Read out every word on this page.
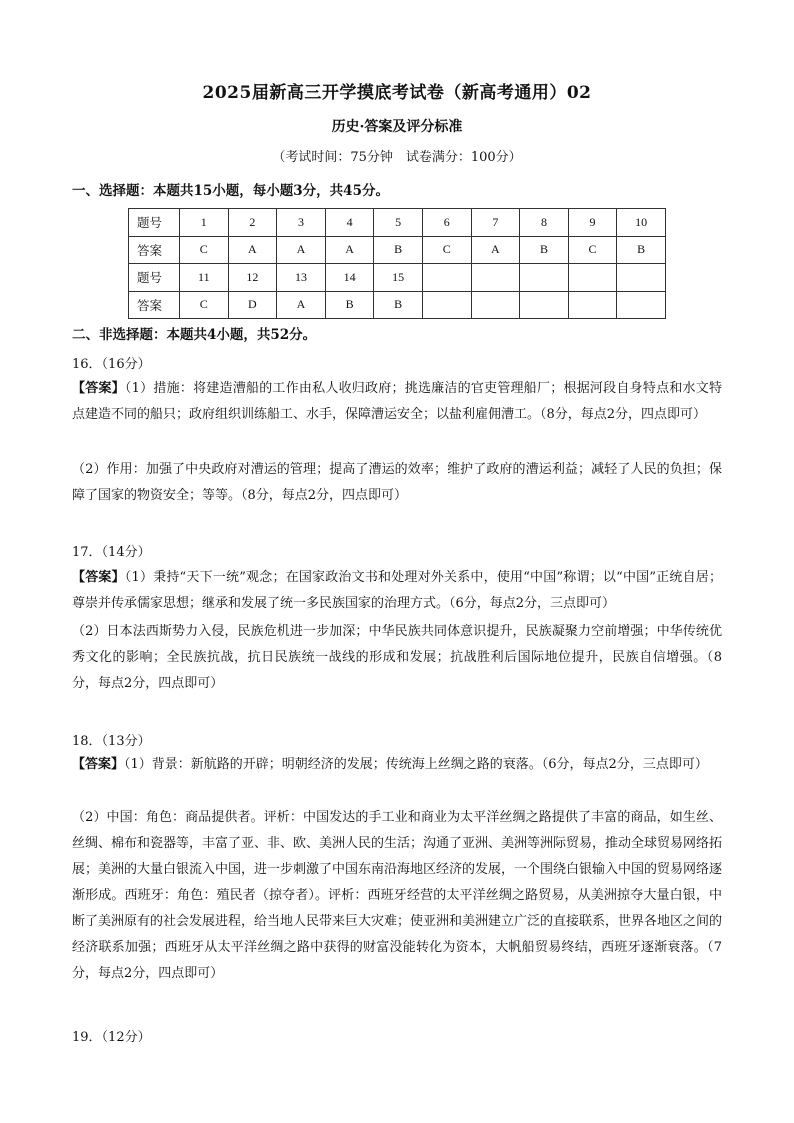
2025届新高三开学摸底考试卷（新高考通用）02
历史·答案及评分标准
（考试时间：75分钟　试卷满分：100分）
一、选择题：本题共15小题，每小题3分，共45分。
题号	1	2	3	4	5	6	7	8	9	10
答案	C	A	A	A	B	C	A	B	C	B
题号	11	12	13	14	15					
答案	C	D	A	B	B					
二、非选择题：本题共4小题，共52分。
16．（16分）
【答案】（1）措施：将建造漕船的工作由私人收归政府；挑选廉洁的官吏管理船厂；根据河段自身特点和水文特点建造不同的船只；政府组织训练船工、水手，保障漕运安全；以盐利雇佣漕工。（8分，每点2分，四点即可）
（2）作用：加强了中央政府对漕运的管理；提高了漕运的效率；维护了政府的漕运利益；减轻了人民的负担；保障了国家的物资安全；等等。（8分，每点2分，四点即可）
17．（14分）
【答案】（1）秉持“天下一统”观念；在国家政治文书和处理对外关系中，使用“中国”称谓；以“中国”正统自居；尊崇并传承儒家思想；继承和发展了统一多民族国家的治理方式。（6分，每点2分，三点即可）
（2）日本法西斯势力入侵，民族危机进一步加深；中华民族共同体意识提升，民族凝聚力空前增强；中华传统优秀文化的影响；全民族抗战，抗日民族统一战线的形成和发展；抗战胜利后国际地位提升，民族自信增强。（8分，每点2分，四点即可）
18．（13分）
【答案】（1）背景：新航路的开辟；明朝经济的发展；传统海上丝绸之路的衰落。（6分，每点2分，三点即可）
（2）中国：角色：商品提供者。评析：中国发达的手工业和商业为太平洋丝绸之路提供了丰富的商品，如生丝、丝绸、棉布和瓷器等，丰富了亚、非、欧、美洲人民的生活；沟通了亚洲、美洲等洲际贸易，推动全球贸易网络拓展；美洲的大量白银流入中国，进一步刺激了中国东南沿海地区经济的发展，一个围绕白银输入中国的贸易网络逐渐形成。西班牙：角色：殖民者（掠夺者）。评析：西班牙经营的太平洋丝绸之路贸易，从美洲掠夺大量白银，中断了美洲原有的社会发展进程，给当地人民带来巨大灾难；使亚洲和美洲建立广泛的直接联系，世界各地区之间的经济联系加强；西班牙从太平洋丝绸之路中获得的财富没能转化为资本，大帆船贸易终结，西班牙逐渐衰落。（7分，每点2分，四点即可）
19．（12分）
